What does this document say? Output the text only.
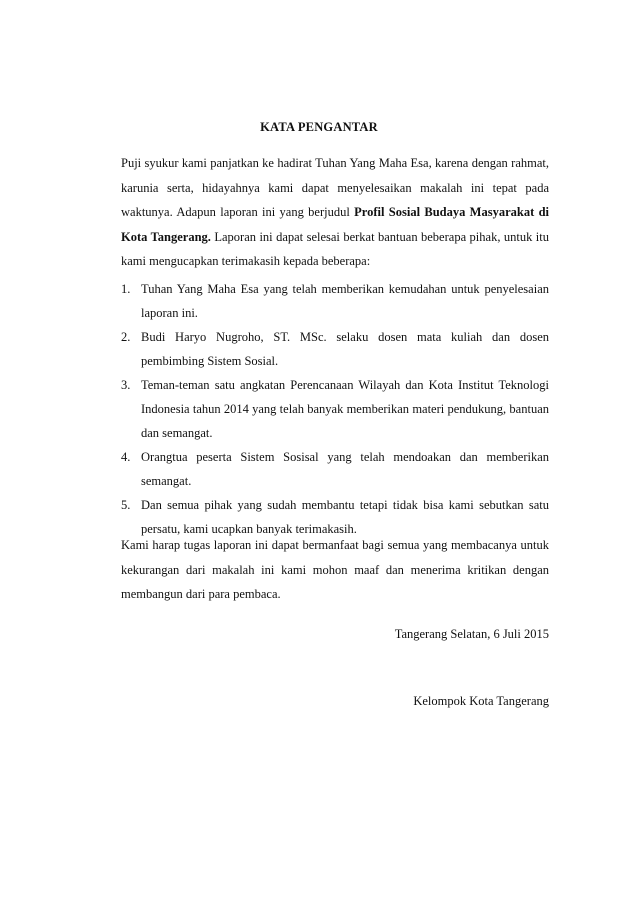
KATA PENGANTAR
Puji syukur kami panjatkan ke hadirat Tuhan Yang Maha Esa, karena dengan rahmat, karunia serta, hidayahnya kami dapat menyelesaikan makalah ini tepat pada waktunya. Adapun laporan ini yang berjudul Profil Sosial Budaya Masyarakat di Kota Tangerang. Laporan ini dapat selesai berkat bantuan beberapa pihak, untuk itu kami mengucapkan terimakasih kepada beberapa:
1. Tuhan Yang Maha Esa yang telah memberikan kemudahan untuk penyelesaian laporan ini.
2. Budi Haryo Nugroho, ST. MSc. selaku dosen mata kuliah dan dosen pembimbing Sistem Sosial.
3. Teman-teman satu angkatan Perencanaan Wilayah dan Kota Institut Teknologi Indonesia tahun 2014 yang telah banyak memberikan materi pendukung, bantuan dan semangat.
4. Orangtua peserta Sistem Sosisal yang telah mendoakan dan memberikan semangat.
5. Dan semua pihak yang sudah membantu tetapi tidak bisa kami sebutkan satu persatu, kami ucapkan banyak terimakasih.
Kami harap tugas laporan ini dapat bermanfaat bagi semua yang membacanya untuk kekurangan dari makalah ini kami mohon maaf dan menerima kritikan dengan membangun dari para pembaca.
Tangerang Selatan, 6 Juli 2015
Kelompok Kota Tangerang
